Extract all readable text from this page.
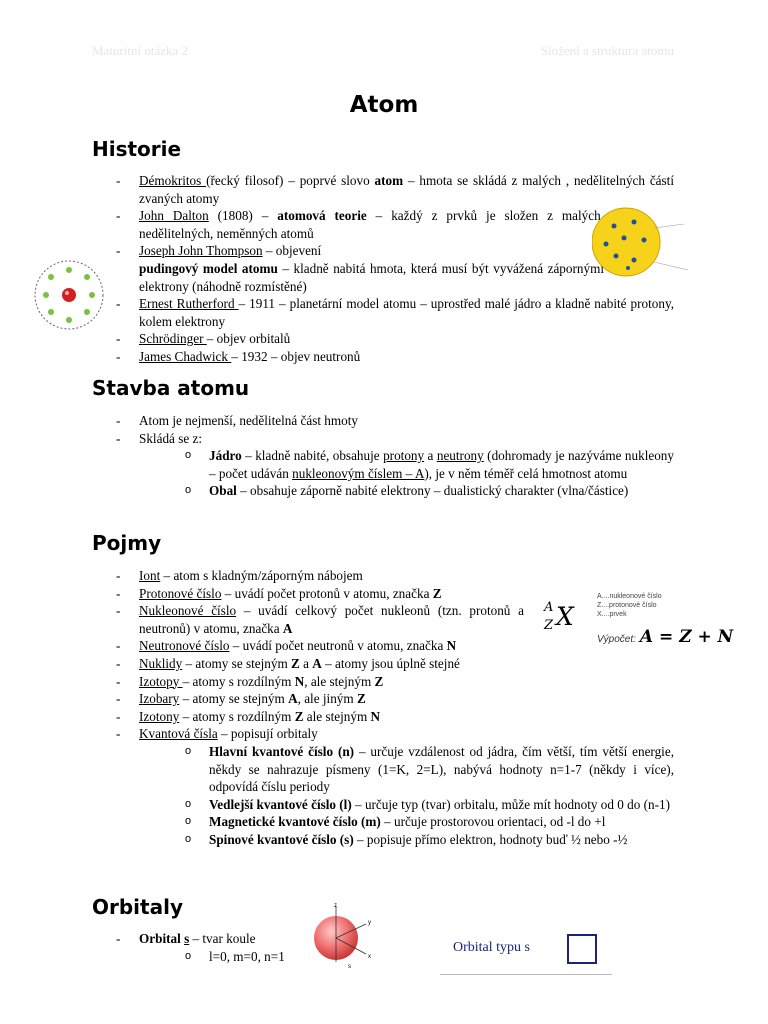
Maturitní otázka 2	Složení a struktura atomu
Atom
Historie
- Démokritos (řecký filosof) – poprvé slovo atom – hmota se skládá z malých , nedělitelných částí zvaných atomy
- John Dalton (1808) – atomová teorie – každý z prvků je složen z malých, nedělitelných, neměnných atomů
- Joseph John Thompson – objevení
pudingový model atomu – kladně nabitá hmota, která musí být vyvážená zápornými elektrony (náhodně rozmístěné)
- Ernest Rutherford – 1911 – planetární model atomu – uprostřed malé jádro a kladně nabité protony, kolem elektrony
- Schrödinger – objev orbitalů
- James Chadwick – 1932 – objev neutronů
Stavba atomu
- Atom je nejmenší, nedělitelná část hmoty
- Skládá se z:
o Jádro – kladně nabité, obsahuje protony a neutrony (dohromady je nazýváme nukleony – počet udáván nukleonovým číslem – A), je v něm téměř celá hmotnost atomu
o Obal – obsahuje záporně nabité elektrony – dualistický charakter (vlna/částice)
Pojmy
- Iont – atom s kladným/záporným nábojem
- Protonové číslo – uvádí počet protonů v atomu, značka Z
- Nukleonové číslo – uvádí celkový počet nukleonů (tzn. protonů a neutronů) v atomu, značka A
- Neutronové číslo – uvádí počet neutronů v atomu, značka N
- Nuklidy – atomy se stejným Z a A – atomy jsou úplně stejné
- Izotopy – atomy s rozdílným N, ale stejným Z
- Izobary – atomy se stejným A, ale jiným Z
- Izotony – atomy s rozdílným Z ale stejným N
- Kvantová čísla – popisují orbitaly
o Hlavní kvantové číslo (n) – určuje vzdálenost od jádra, čím větší, tím větší energie, někdy se nahrazuje písmeny (1=K, 2=L), nabývá hodnoty n=1-7 (někdy i více), odpovídá číslu periody
o Vedlejší kvantové číslo (l) – určuje typ (tvar) orbitalu, může mít hodnoty od 0 do (n-1)
o Magnetické kvantové číslo (m) – určuje prostorovou orientaci, od -l do +l
o Spinové kvantové číslo (s) – popisuje přímo elektron, hodnoty buď ½ nebo -½
A
Z X
A....nukleonové číslo
Z....protonové číslo
X....prvek
Výpočet: A = Z + N
Orbitaly
- Orbital s – tvar koule
o l=0, m=0, n=1
z
y
x
s
Orbital typu s
